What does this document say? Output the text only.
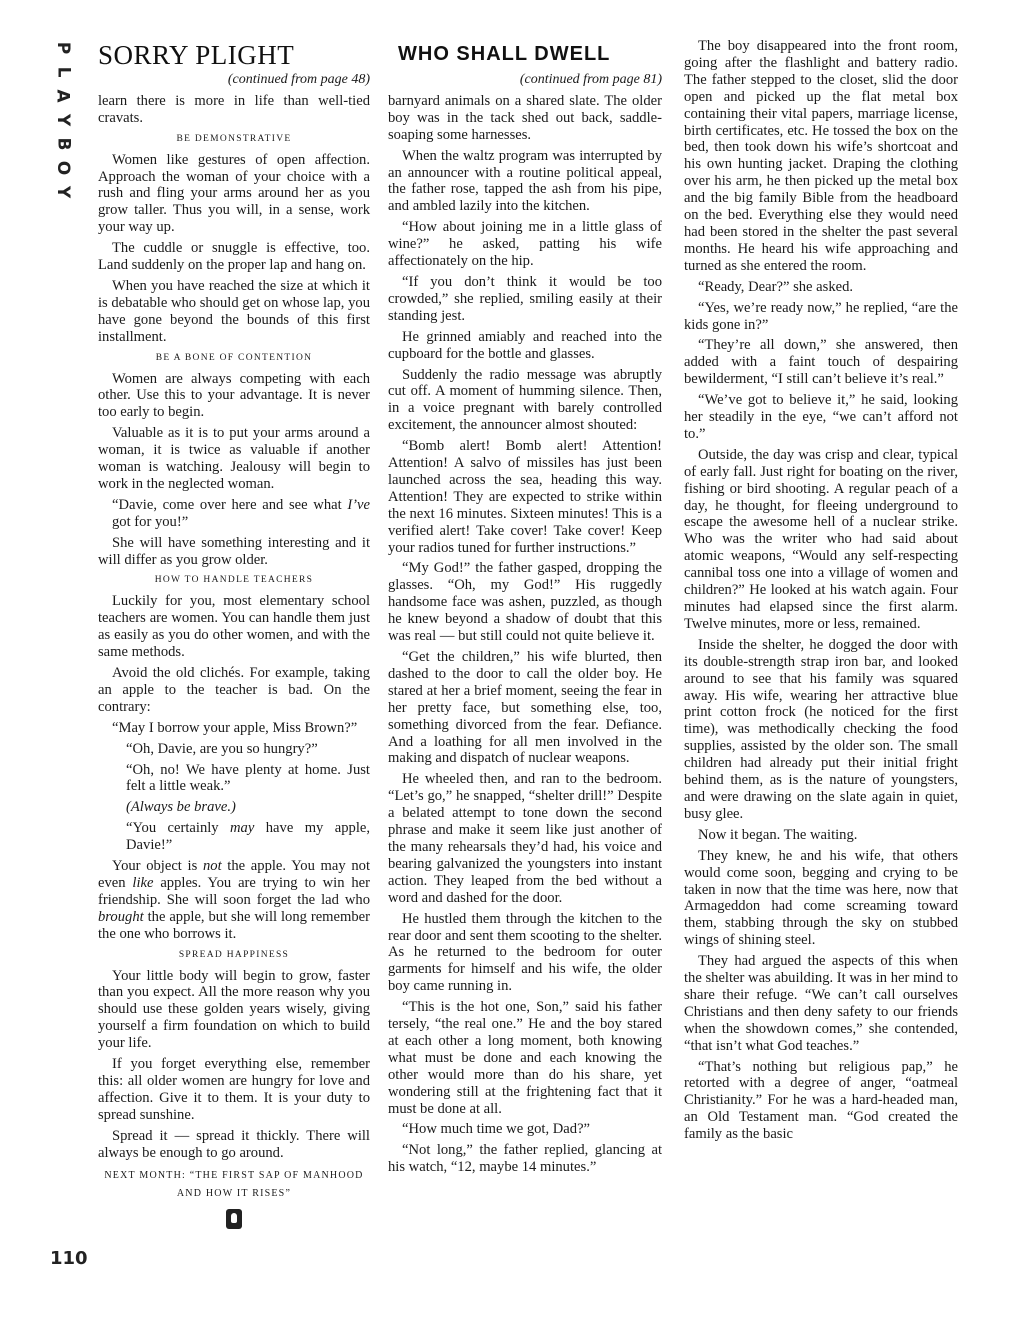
P
L
A
Y
B
O
Y
110
SORRY PLIGHT

(continued from page 48)

learn there is more in life than well-tied cravats.

BE DEMONSTRATIVE

Women like gestures of open affection. Approach the woman of your choice with a rush and fling your arms around her as you grow taller. Thus you will, in a sense, work your way up.

The cuddle or snuggle is effective, too. Land suddenly on the proper lap and hang on.

When you have reached the size at which it is debatable who should get on whose lap, you have gone beyond the bounds of this first installment.

BE A BONE OF CONTENTION

Women are always competing with each other. Use this to your advantage. It is never too early to begin.

Valuable as it is to put your arms around a woman, it is twice as valuable if another woman is watching. Jealousy will begin to work in the neglected woman.

“Davie, come over here and see what I’ve got for you!”

She will have something interesting and it will differ as you grow older.

HOW TO HANDLE TEACHERS

Luckily for you, most elementary school teachers are women. You can handle them just as easily as you do other women, and with the same methods.

Avoid the old clichés. For example, taking an apple to the teacher is bad. On the contrary:

“May I borrow your apple, Miss Brown?”

“Oh, Davie, are you so hungry?”

“Oh, no! We have plenty at home. Just felt a little weak.”

(Always be brave.)

“You certainly may have my apple, Davie!”

Your object is not the apple. You may not even like apples. You are trying to win her friendship. She will soon forget the lad who brought the apple, but she will long remember the one who borrows it.

SPREAD HAPPINESS

Your little body will begin to grow, faster than you expect. All the more reason why you should use these golden years wisely, giving yourself a firm foundation on which to build your life.

If you forget everything else, remember this: all older women are hungry for love and affection. Give it to them. It is your duty to spread sunshine.

Spread it — spread it thickly. There will always be enough to go around.

NEXT MONTH: “THE FIRST SAP OF MANHOOD AND HOW IT RISES”
WHO SHALL DWELL

(continued from page 81)

barnyard animals on a shared slate. The older boy was in the tack shed out back, saddle-soaping some harnesses.

When the waltz program was interrupted by an announcer with a routine political appeal, the father rose, tapped the ash from his pipe, and ambled lazily into the kitchen.

“How about joining me in a little glass of wine?” he asked, patting his wife affectionately on the hip.

“If you don’t think it would be too crowded,” she replied, smiling easily at their standing jest.

He grinned amiably and reached into the cupboard for the bottle and glasses.

Suddenly the radio message was abruptly cut off. A moment of humming silence. Then, in a voice pregnant with barely controlled excitement, the announcer almost shouted:

“Bomb alert! Bomb alert! Attention! Attention! A salvo of missiles has just been launched across the sea, heading this way. Attention! They are expected to strike within the next 16 minutes. Sixteen minutes! This is a verified alert! Take cover! Take cover! Keep your radios tuned for further instructions.”

“My God!” the father gasped, dropping the glasses. “Oh, my God!” His ruggedly handsome face was ashen, puzzled, as though he knew beyond a shadow of doubt that this was real — but still could not quite believe it.

“Get the children,” his wife blurted, then dashed to the door to call the older boy. He stared at her a brief moment, seeing the fear in her pretty face, but something else, too, something divorced from the fear. Defiance. And a loathing for all men involved in the making and dispatch of nuclear weapons.

He wheeled then, and ran to the bedroom. “Let’s go,” he snapped, “shelter drill!” Despite a belated attempt to tone down the second phrase and make it seem like just another of the many rehearsals they’d had, his voice and bearing galvanized the youngsters into instant action. They leaped from the bed without a word and dashed for the door.

He hustled them through the kitchen to the rear door and sent them scooting to the shelter. As he returned to the bedroom for outer garments for himself and his wife, the older boy came running in.

“This is the hot one, Son,” said his father tersely, “the real one.” He and the boy stared at each other a long moment, both knowing what must be done and each knowing the other would more than do his share, yet wondering still at the frightening fact that it must be done at all.

“How much time we got, Dad?”

“Not long,” the father replied, glancing at his watch, “12, maybe 14 minutes.”

The boy disappeared into the front room, going after the flashlight and battery radio. The father stepped to the closet, slid the door open and picked up the flat metal box containing their vital papers, marriage license, birth certificates, etc. He tossed the box on the bed, then took down his wife’s shortcoat and his own hunting jacket. Draping the clothing over his arm, he then picked up the metal box and the big family Bible from the headboard on the bed. Everything else they would need had been stored in the shelter the past several months. He heard his wife approaching and turned as she entered the room.

“Ready, Dear?” she asked.

“Yes, we’re ready now,” he replied, “are the kids gone in?”

“They’re all down,” she answered, then added with a faint touch of despairing bewilderment, “I still can’t believe it’s real.”

“We’ve got to believe it,” he said, looking her steadily in the eye, “we can’t afford not to.”

Outside, the day was crisp and clear, typical of early fall. Just right for boating on the river, fishing or bird shooting. A regular peach of a day, he thought, for fleeing underground to escape the awesome hell of a nuclear strike. Who was the writer who had said about atomic weapons, “Would any self-respecting cannibal toss one into a village of women and children?” He looked at his watch again. Four minutes had elapsed since the first alarm. Twelve minutes, more or less, remained.

Inside the shelter, he dogged the door with its double-strength strap iron bar, and looked around to see that his family was squared away. His wife, wearing her attractive blue print cotton frock (he noticed for the first time), was methodically checking the food supplies, assisted by the older son. The small children had already put their initial fright behind them, as is the nature of youngsters, and were drawing on the slate again in quiet, busy glee.

Now it began. The waiting.

They knew, he and his wife, that others would come soon, begging and crying to be taken in now that the time was here, now that Armageddon had come screaming toward them, stabbing through the sky on stubbed wings of shining steel.

They had argued the aspects of this when the shelter was abuilding. It was in her mind to share their refuge. “We can’t call ourselves Christians and then deny safety to our friends when the showdown comes,” she contended, “that isn’t what God teaches.”

“That’s nothing but religious pap,” he retorted with a degree of anger, “oatmeal Christianity.” For he was a hard-headed man, an Old Testament man. “God created the family as the basic
